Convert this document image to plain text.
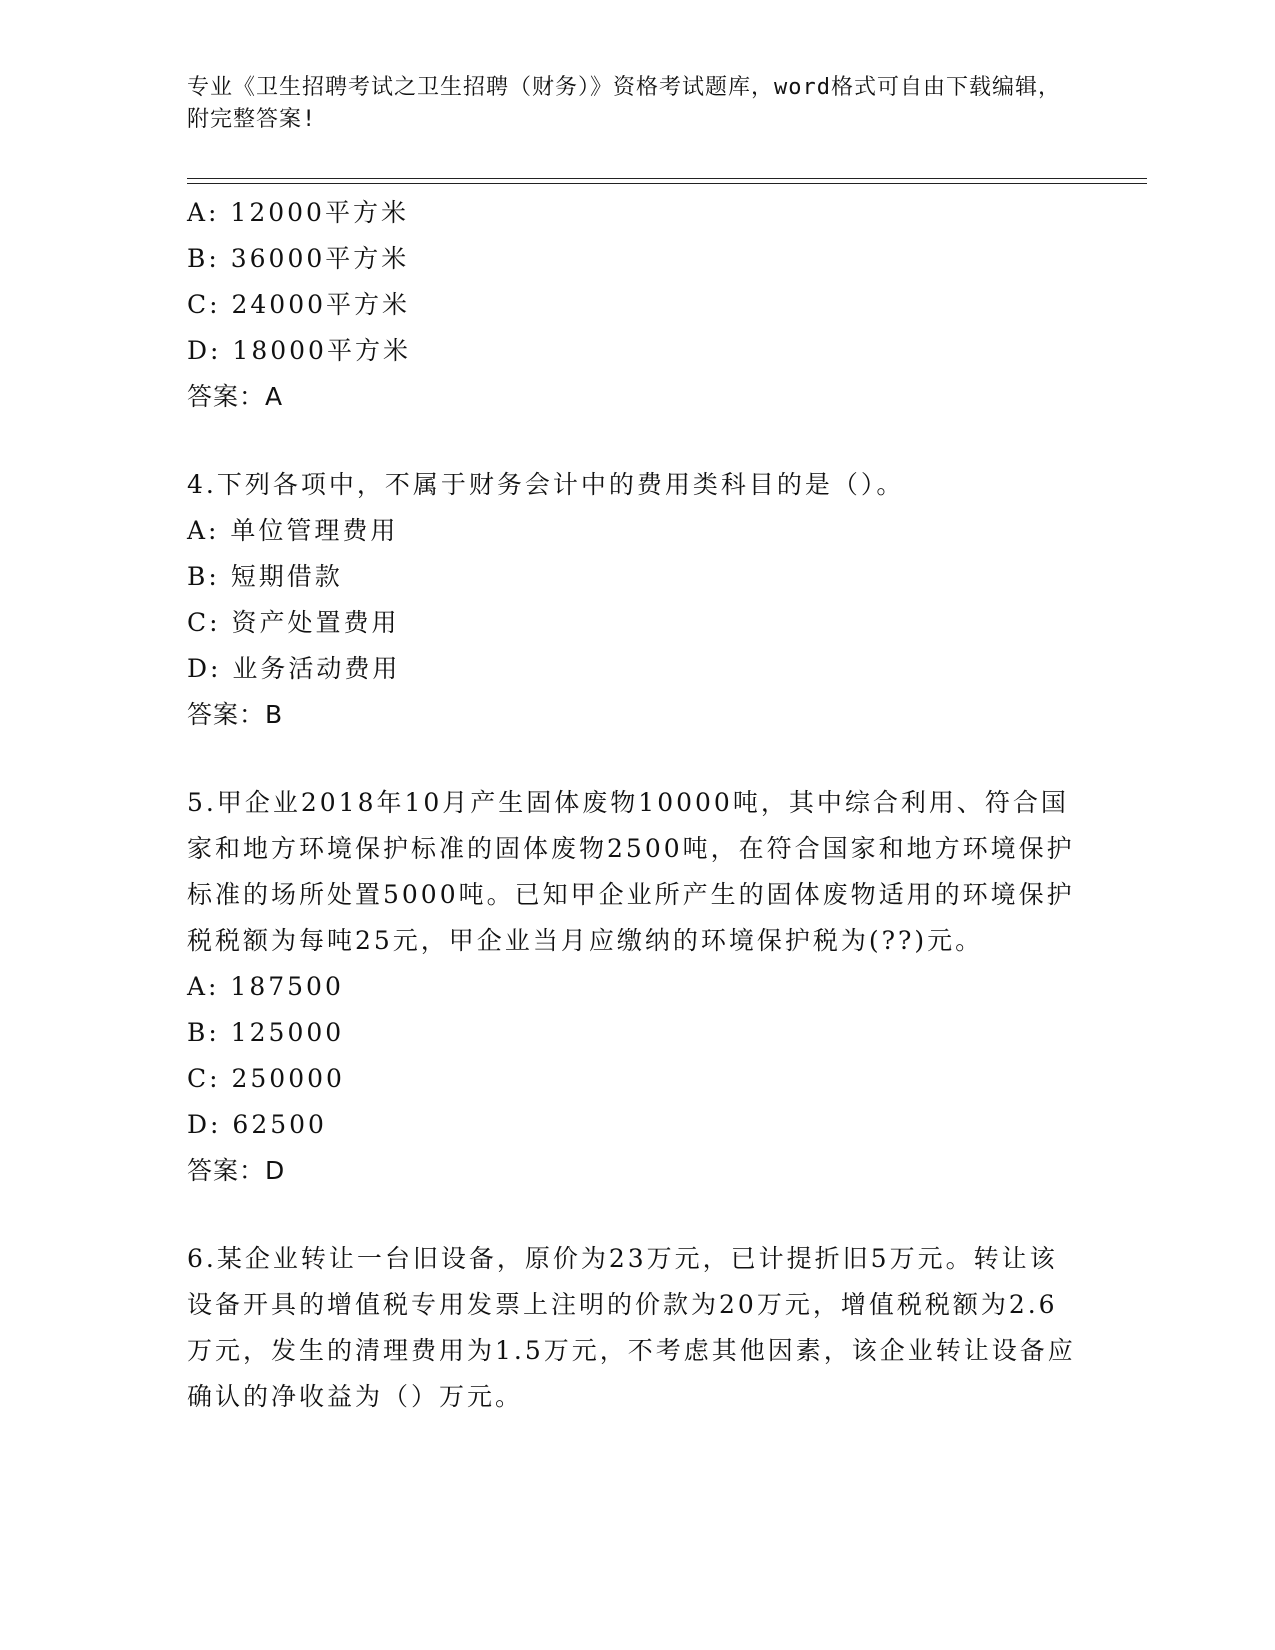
专业《卫生招聘考试之卫生招聘（财务）》资格考试题库，word格式可自由下载编辑，附完整答案!
A: 12000平方米
B: 36000平方米
C: 24000平方米
D: 18000平方米
答案：A
4.下列各项中，不属于财务会计中的费用类科目的是（）。
A: 单位管理费用
B: 短期借款
C: 资产处置费用
D: 业务活动费用
答案：B
5.甲企业2018年10月产生固体废物10000吨，其中综合利用、符合国家和地方环境保护标准的固体废物2500吨，在符合国家和地方环境保护标准的场所处置5000吨。已知甲企业所产生的固体废物适用的环境保护税税额为每吨25元，甲企业当月应缴纳的环境保护税为(??)元。
A: 187500
B: 125000
C: 250000
D: 62500
答案：D
6.某企业转让一台旧设备，原价为23万元，已计提折旧5万元。转让该设备开具的增值税专用发票上注明的价款为20万元，增值税税额为2.6万元，发生的清理费用为1.5万元，不考虑其他因素，该企业转让设备应确认的净收益为（）万元。
